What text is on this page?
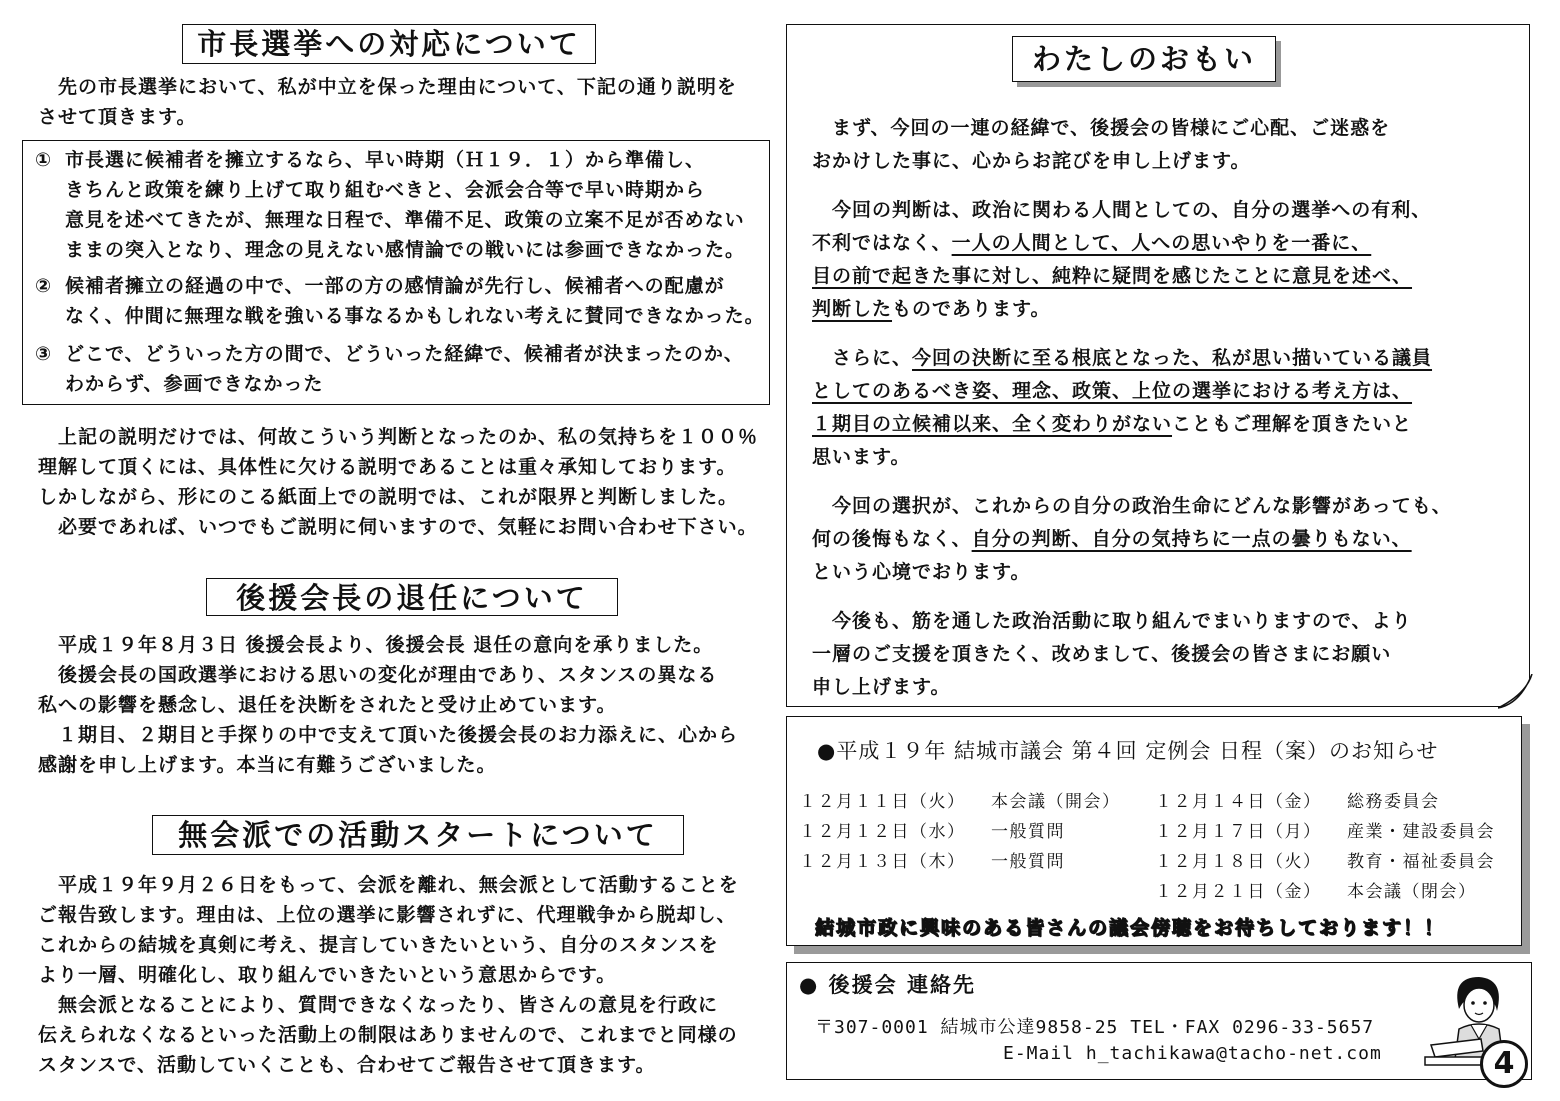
市長選挙への対応について

先の市長選挙において、私が中立を保った理由について、下記の通り説明を

させて頂きます。

① 市長選に候補者を擁立するなら、早い時期（Ｈ１９．１）から準備し、

きちんと政策を練り上げて取り組むべきと、会派会合等で早い時期から

意見を述べてきたが、無理な日程で、準備不足、政策の立案不足が否めない

ままの突入となり、理念の見えない感情論での戦いには参画できなかった。

② 候補者擁立の経過の中で、一部の方の感情論が先行し、候補者への配慮が

なく、仲間に無理な戦を強いる事なるかもしれない考えに賛同できなかった。

③ どこで、どういった方の間で、どういった経緯で、候補者が決まったのか、

わからず、参画できなかった

上記の説明だけでは、何故こういう判断となったのか、私の気持ちを１００％

理解して頂くには、具体性に欠ける説明であることは重々承知しております。

しかしながら、形にのこる紙面上での説明では、これが限界と判断しました。

必要であれば、いつでもご説明に伺いますので、気軽にお問い合わせ下さい。

後援会長の退任について

平成１９年８月３日 後援会長より、後援会長 退任の意向を承りました。

後援会長の国政選挙における思いの変化が理由であり、スタンスの異なる

私への影響を懸念し、退任を決断をされたと受け止めています。

１期目、２期目と手探りの中で支えて頂いた後援会長のお力添えに、心から

感謝を申し上げます。本当に有難うございました。

無会派での活動スタートについて

平成１９年９月２６日をもって、会派を離れ、無会派として活動することを

ご報告致します。理由は、上位の選挙に影響されずに、代理戦争から脱却し、

これからの結城を真剣に考え、提言していきたいという、自分のスタンスを

より一層、明確化し、取り組んでいきたいという意思からです。

無会派となることにより、質問できなくなったり、皆さんの意見を行政に

伝えられなくなるといった活動上の制限はありませんので、これまでと同様の

スタンスで、活動していくことも、合わせてご報告させて頂きます。

わたしのおもい

まず、今回の一連の経緯で、後援会の皆様にご心配、ご迷惑を

おかけした事に、心からお詫びを申し上げます。

今回の判断は、政治に関わる人間としての、自分の選挙への有利、

不利ではなく、一人の人間として、人への思いやりを一番に、

目の前で起きた事に対し、純粋に疑問を感じたことに意見を述べ、

判断したものであります。

さらに、今回の決断に至る根底となった、私が思い描いている議員

としてのあるべき姿、理念、政策、上位の選挙における考え方は、

１期目の立候補以来、全く変わりがないこともご理解を頂きたいと

思います。

今回の選択が、これからの自分の政治生命にどんな影響があっても、

何の後悔もなく、自分の判断、自分の気持ちに一点の曇りもない、

という心境でおります。

今後も、筋を通した政治活動に取り組んでまいりますので、より

一層のご支援を頂きたく、改めまして、後援会の皆さまにお願い

申し上げます。

●平成１９年 結城市議会 第４回 定例会 日程（案）のお知らせ
１２月１１日（火） 本会議（開会）
１２月１２日（水） 一般質問
１２月１３日（木） 一般質問
１２月１４日（金） 総務委員会
１２月１７日（月） 産業・建設委員会
１２月１８日（火） 教育・福祉委員会
１２月２１日（金） 本会議（閉会）
結城市政に興味のある皆さんの議会傍聴をお待ちしております！！
● 後援会 連絡先
〒307-0001 結城市公達9858-25 TEL・FAX 0296-33-5657
E-Mail h_tachikawa@tacho-net.com	4
